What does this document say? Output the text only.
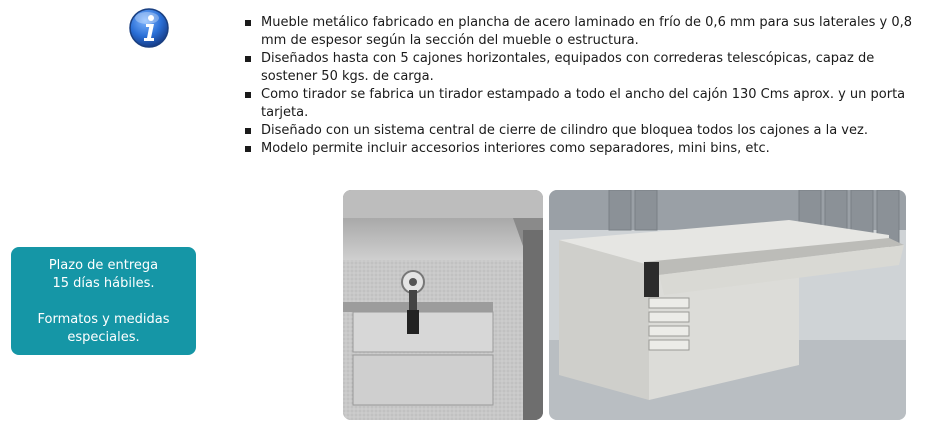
Mueble metálico fabricado en plancha de acero laminado en frío de 0,6 mm para sus laterales y 0,8 mm de espesor según la sección del mueble o estructura.
Diseñados hasta con 5 cajones horizontales, equipados con correderas telescópicas, capaz de sostener 50 kgs. de carga.
Como tirador se fabrica un tirador estampado a todo el ancho del cajón 130 Cms aprox. y un porta tarjeta.
Diseñado con un sistema central de cierre de cilindro que bloquea todos los cajones a la vez.
Modelo permite incluir accesorios interiores como separadores, mini bins, etc.

Plazo de entrega

15 días hábiles.

Formatos y medidas

especiales.
